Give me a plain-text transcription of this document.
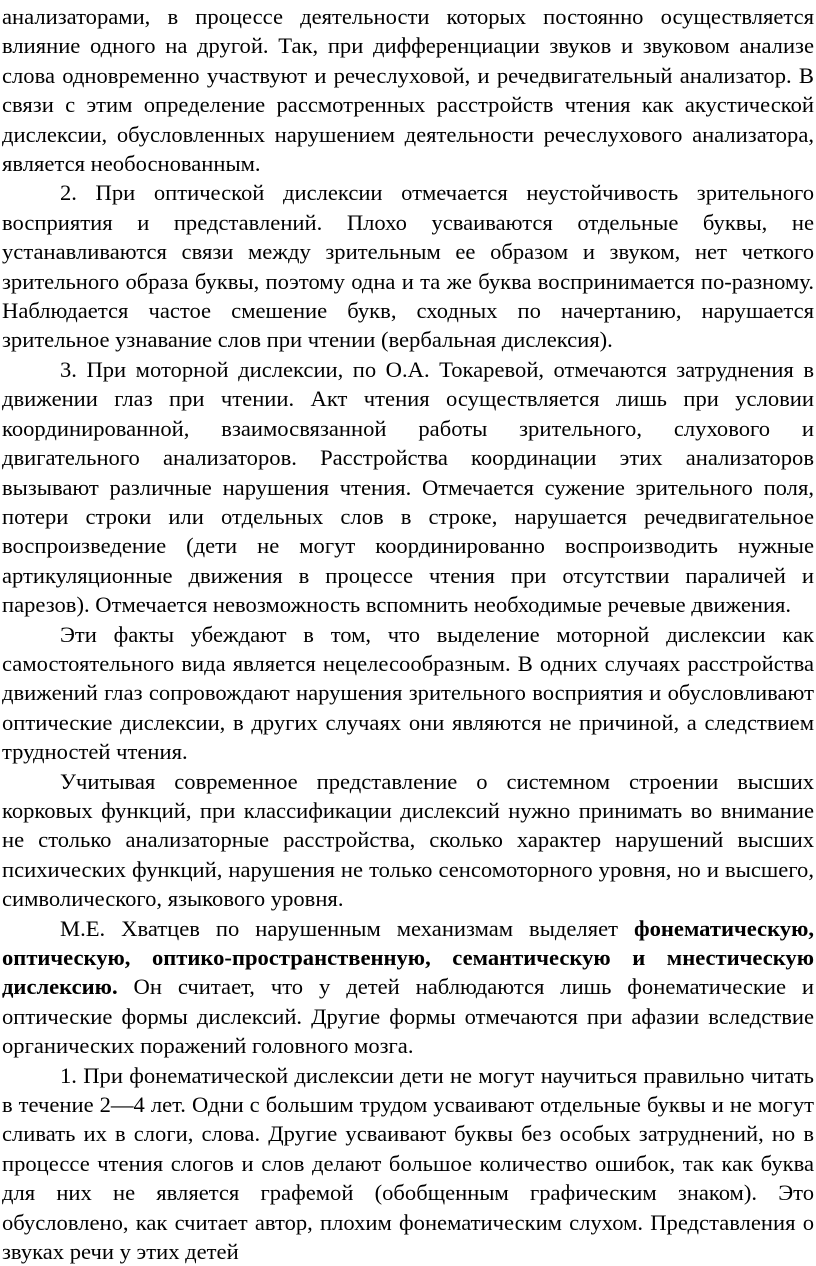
анализаторами, в процессе деятельности которых постоянно осуществляется влияние одного на другой. Так, при дифференциации звуков и звуковом анализе слова одновременно участвуют и речеслуховой, и речедвигательный анализатор. В связи с этим определение рассмотренных расстройств чтения как акустической дислексии, обусловленных нарушением деятельности речеслухового анализатора, является необоснованным.

2. При оптической дислексии отмечается неустойчивость зрительного восприятия и представлений. Плохо усваиваются отдельные буквы, не устанавливаются связи между зрительным ее образом и звуком, нет четкого зрительного образа буквы, поэтому одна и та же буква воспринимается по-разному. Наблюдается частое смешение букв, сходных по начертанию, нарушается зрительное узнавание слов при чтении (вербальная дислексия).

3. При моторной дислексии, по О.А. Токаревой, отмечаются затруднения в движении глаз при чтении. Акт чтения осуществляется лишь при условии координированной, взаимосвязанной работы зрительного, слухового и двигательного анализаторов. Расстройства координации этих анализаторов вызывают различные нарушения чтения. Отмечается сужение зрительного поля, потери строки или отдельных слов в строке, нарушается речедвигательное воспроизведение (дети не могут координированно воспроизводить нужные артикуляционные движения в процессе чтения при отсутствии параличей и парезов). Отмечается невозможность вспомнить необходимые речевые движения.

Эти факты убеждают в том, что выделение моторной дислексии как самостоятельного вида является нецелесообразным. В одних случаях расстройства движений глаз сопровождают нарушения зрительного восприятия и обусловливают оптические дислексии, в других случаях они являются не причиной, а следствием трудностей чтения.

Учитывая современное представление о системном строении высших корковых функций, при классификации дислексий нужно принимать во внимание не столько анализаторные расстройства, сколько характер нарушений высших психических функций, нарушения не только сенсомоторного уровня, но и высшего, символического, языкового уровня.

М.Е. Хватцев по нарушенным механизмам выделяет фонематическую, оптическую, оптико-пространственную, семантическую и мнестическую дислексию. Он считает, что у детей наблюдаются лишь фонематические и оптические формы дислексий. Другие формы отмечаются при афазии вследствие органических поражений головного мозга.

1. При фонематической дислексии дети не могут научиться правильно читать в течение 2—4 лет. Одни с большим трудом усваивают отдельные буквы и не могут сливать их в слоги, слова. Другие усваивают буквы без особых затруднений, но в процессе чтения слогов и слов делают большое количество ошибок, так как буква для них не является графемой (обобщенным графическим знаком). Это обусловлено, как считает автор, плохим фонематическим слухом. Представления о звуках речи у этих детей
